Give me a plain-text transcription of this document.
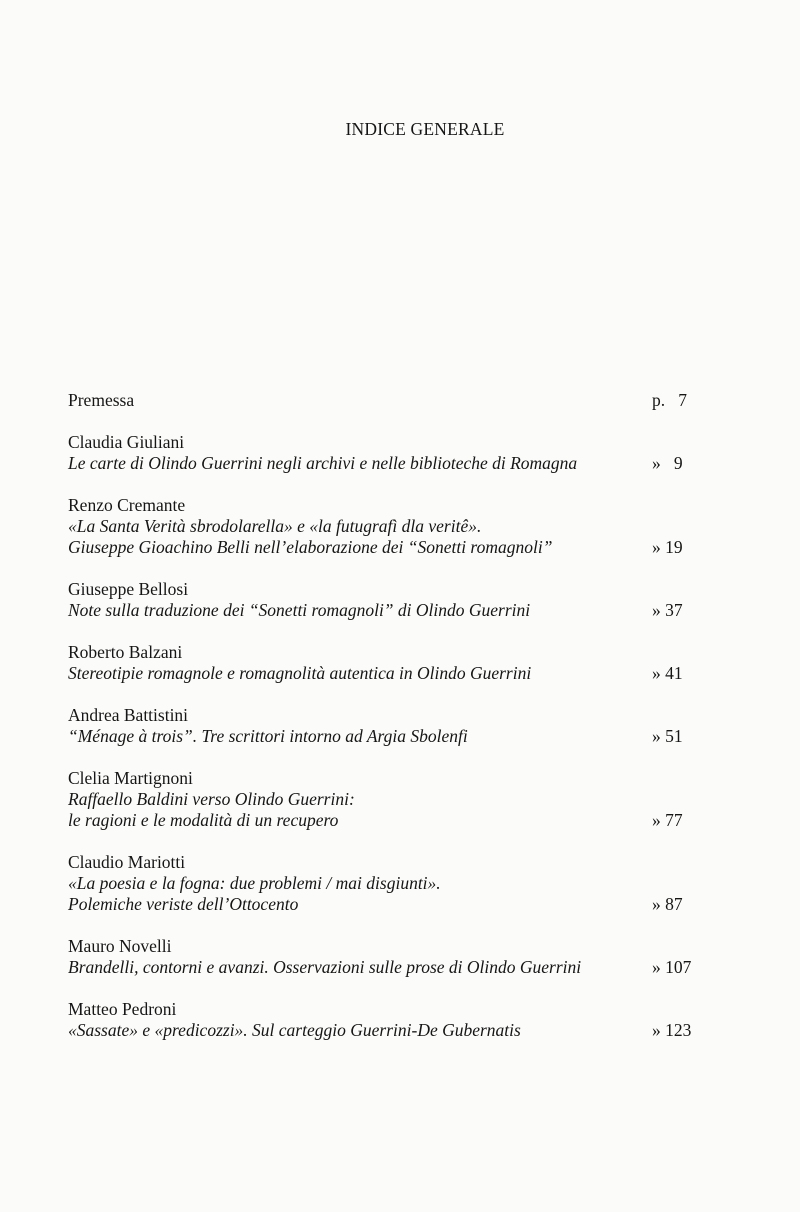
INDICE GENERALE
Premessa	p. 7
Claudia Giuliani
Le carte di Olindo Guerrini negli archivi e nelle biblioteche di Romagna	» 9
Renzo Cremante
«La Santa Verità sbrodolarella» e «la futugrafì dla veritê».
Giuseppe Gioachino Belli nell’elaborazione dei “Sonetti romagnoli”	» 19
Giuseppe Bellosi
Note sulla traduzione dei “Sonetti romagnoli” di Olindo Guerrini	» 37
Roberto Balzani
Stereotipie romagnole e romagnolità autentica in Olindo Guerrini	» 41
Andrea Battistini
“Ménage à trois”. Tre scrittori intorno ad Argia Sbolenfi	» 51
Clelia Martignoni
Raffaello Baldini verso Olindo Guerrini:
le ragioni e le modalità di un recupero	» 77
Claudio Mariotti
«La poesia e la fogna: due problemi / mai disgiunti».
Polemiche veriste dell’Ottocento	» 87
Mauro Novelli
Brandelli, contorni e avanzi. Osservazioni sulle prose di Olindo Guerrini	» 107
Matteo Pedroni
«Sassate» e «predicozzi». Sul carteggio Guerrini-De Gubernatis	» 123
